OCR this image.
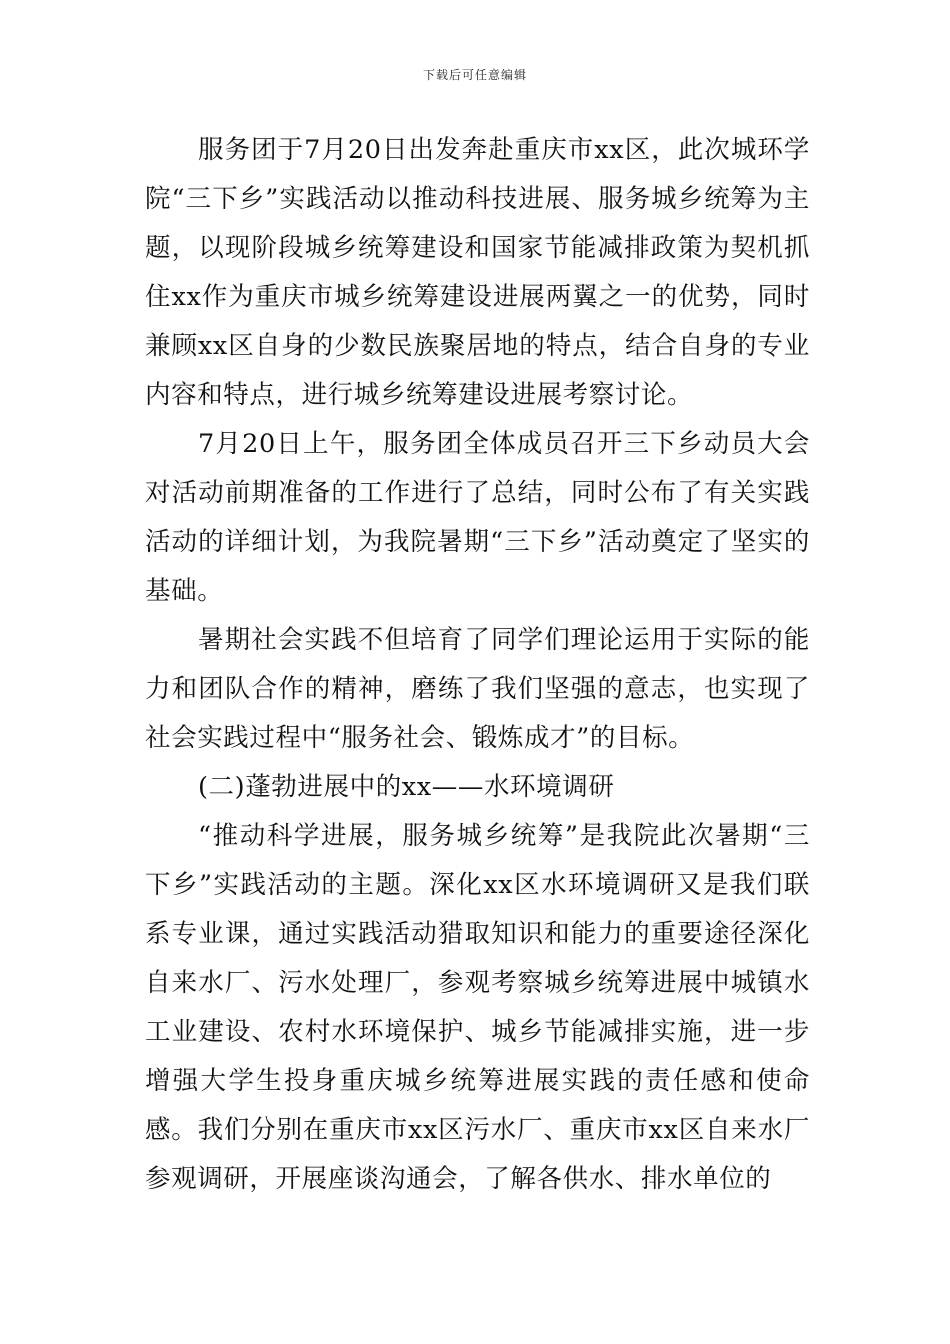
下载后可任意编辑

服务团于7月20日出发奔赴重庆市xx区，此次城环学院“三下乡”实践活动以推动科技进展、服务城乡统筹为主题，以现阶段城乡统筹建设和国家节能减排政策为契机抓住xx作为重庆市城乡统筹建设进展两翼之一的优势，同时兼顾xx区自身的少数民族聚居地的特点，结合自身的专业内容和特点，进行城乡统筹建设进展考察讨论。

7月20日上午，服务团全体成员召开三下乡动员大会对活动前期准备的工作进行了总结，同时公布了有关实践活动的详细计划，为我院暑期“三下乡”活动奠定了坚实的基础。

暑期社会实践不但培育了同学们理论运用于实际的能力和团队合作的精神，磨练了我们坚强的意志，也实现了社会实践过程中“服务社会、锻炼成才”的目标。

(二)蓬勃进展中的xx——水环境调研

“推动科学进展，服务城乡统筹”是我院此次暑期“三下乡”实践活动的主题。深化xx区水环境调研又是我们联系专业课，通过实践活动猎取知识和能力的重要途径深化自来水厂、污水处理厂，参观考察城乡统筹进展中城镇水工业建设、农村水环境保护、城乡节能减排实施，进一步增强大学生投身重庆城乡统筹进展实践的责任感和使命感。我们分别在重庆市xx区污水厂、重庆市xx区自来水厂参观调研，开展座谈沟通会，了解各供水、排水单位的
